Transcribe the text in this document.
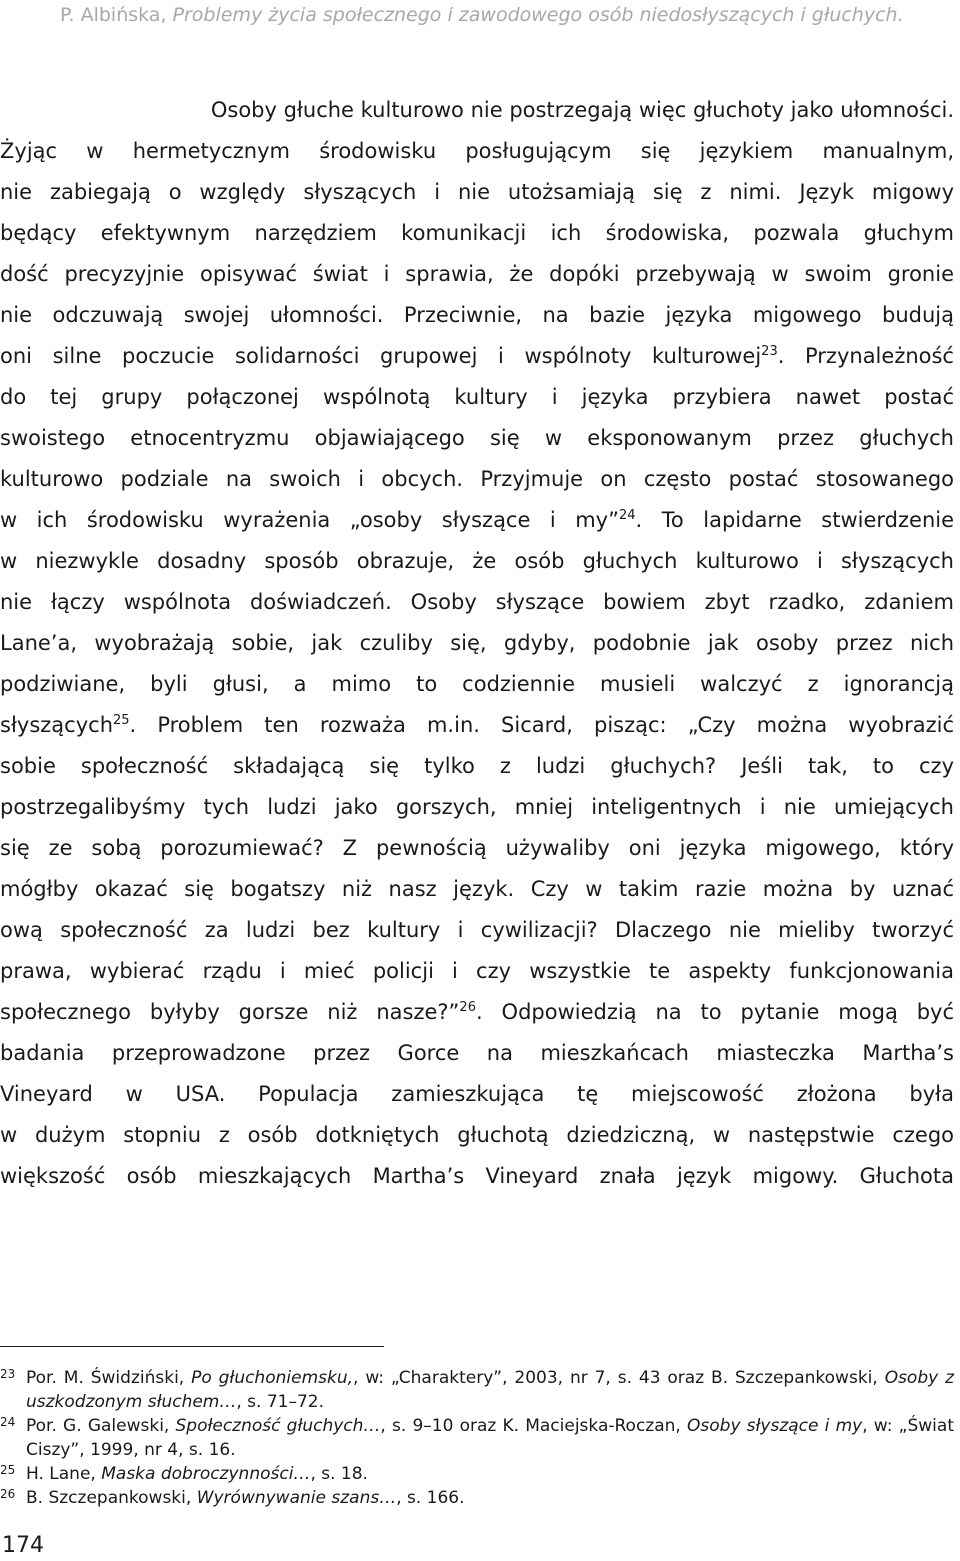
P. Albińska, Problemy życia społecznego i zawodowego osób niedosłyszących i głuchych.
Osoby głuche kulturowo nie postrzegają więc głuchoty jako ułomności.
Żyjąc w hermetycznym środowisku posługującym się językiem manualnym,
nie zabiegają o względy słyszących i nie utożsamiają się z nimi. Język migowy
będący efektywnym narzędziem komunikacji ich środowiska, pozwala głuchym
dość precyzyjnie opisywać świat i sprawia, że dopóki przebywają w swoim gronie
nie odczuwają swojej ułomności. Przeciwnie, na bazie języka migowego budują
oni silne poczucie solidarności grupowej i wspólnoty kulturowej$^{23}$. Przynależność
do tej grupy połączonej wspólnotą kultury i języka przybiera nawet postać
swoistego etnocentryzmu objawiającego się w eksponowanym przez głuchych
kulturowo podziale na swoich i obcych. Przyjmuje on często postać stosowanego
w ich środowisku wyrażenia „osoby słyszące i my”$^{24}$. To lapidarne stwierdzenie
w niezwykle dosadny sposób obrazuje, że osób głuchych kulturowo i słyszących
nie łączy wspólnota doświadczeń. Osoby słyszące bowiem zbyt rzadko, zdaniem
Lane’a, wyobrażają sobie, jak czuliby się, gdyby, podobnie jak osoby przez nich
podziwiane, byli głusi, a mimo to codziennie musieli walczyć z ignorancją
słyszących$^{25}$. Problem ten rozważa m.in. Sicard, pisząc: „Czy można wyobrazić
sobie społeczność składającą się tylko z ludzi głuchych? Jeśli tak, to czy
postrzegalibyśmy tych ludzi jako gorszych, mniej inteligentnych i nie umiejących
się ze sobą porozumiewać? Z pewnością używaliby oni języka migowego, który
mógłby okazać się bogatszy niż nasz język. Czy w takim razie można by uznać
ową społeczność za ludzi bez kultury i cywilizacji? Dlaczego nie mieliby tworzyć
prawa, wybierać rządu i mieć policji i czy wszystkie te aspekty funkcjonowania
społecznego byłyby gorsze niż nasze?”$^{26}$. Odpowiedzią na to pytanie mogą być
badania przeprowadzone przez Gorce na mieszkańcach miasteczka Martha’s
Vineyard w USA. Populacja zamieszkująca tę miejscowość złożona była
w dużym stopniu z osób dotkniętych głuchotą dziedziczną, w następstwie czego
większość osób mieszkających Martha’s Vineyard znała język migowy. Głuchota
23 Por. M. Świdziński, Po głuchoniemsku,, w: „Charaktery”, 2003, nr 7, s. 43 oraz B. Szczepankowski, Osoby z uszkodzonym słuchem…, s. 71–72.
24 Por. G. Galewski, Społeczność głuchych…, s. 9–10 oraz K. Maciejska-Roczan, Osoby słyszące i my, w: „Świat Ciszy”, 1999, nr 4, s. 16.
25 H. Lane, Maska dobroczynności…, s. 18.
26 B. Szczepankowski, Wyrównywanie szans…, s. 166.
174
